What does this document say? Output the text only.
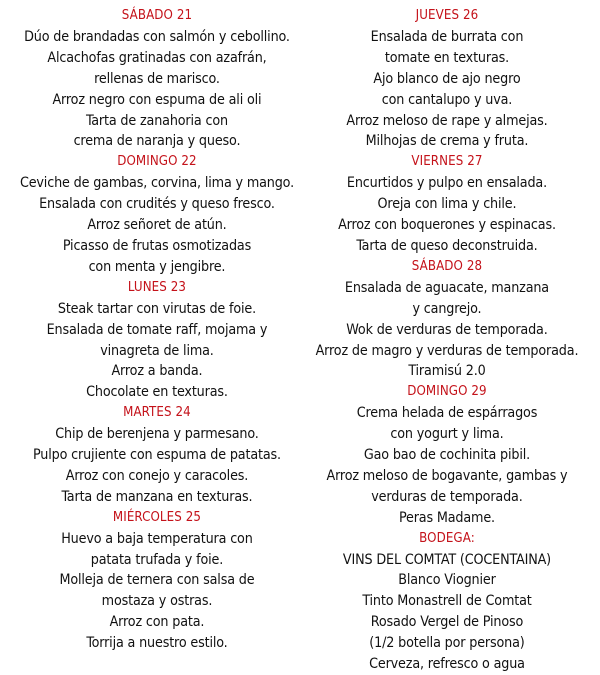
SÁBADO 21
Dúo de brandadas con salmón y cebollino.
Alcachofas gratinadas con azafrán,
rellenas de marisco.
Arroz negro con espuma de ali oli
Tarta de zanahoria con
crema de naranja y queso.
DOMINGO 22
Ceviche de gambas, corvina, lima y mango.
Ensalada con crudités y queso fresco.
Arroz señoret de atún.
Picasso de frutas osmotizadas
con menta y jengibre.
LUNES 23
Steak tartar con virutas de foie.
Ensalada de tomate raff, mojama y
vinagreta de lima.
Arroz a banda.
Chocolate en texturas.
MARTES 24
Chip de berenjena y parmesano.
Pulpo crujiente con espuma de patatas.
Arroz con conejo y caracoles.
Tarta de manzana en texturas.
MIÉRCOLES 25
Huevo a baja temperatura con
patata trufada y foie.
Molleja de ternera con salsa de
mostaza y ostras.
Arroz con pata.
Torrija a nuestro estilo.
JUEVES 26
Ensalada de burrata con
tomate en texturas.
Ajo blanco de ajo negro
con cantalupo y uva.
Arroz meloso de rape y almejas.
Milhojas de crema y fruta.
VIERNES 27
Encurtidos y pulpo en ensalada.
Oreja con lima y chile.
Arroz con boquerones y espinacas.
Tarta de queso deconstruida.
SÁBADO 28
Ensalada de aguacate, manzana
y cangrejo.
Wok de verduras de temporada.
Arroz de magro y verduras de temporada.
Tiramisú 2.0
DOMINGO 29
Crema helada de espárragos
con yogurt y lima.
Gao bao de cochinita pibil.
Arroz meloso de bogavante, gambas y
verduras de temporada.
Peras Madame.
BODEGA:
VINS DEL COMTAT (COCENTAINA)
Blanco Viognier
Tinto Monastrell de Comtat
Rosado Vergel de Pinoso
(1/2 botella por persona)
Cerveza, refresco o agua
